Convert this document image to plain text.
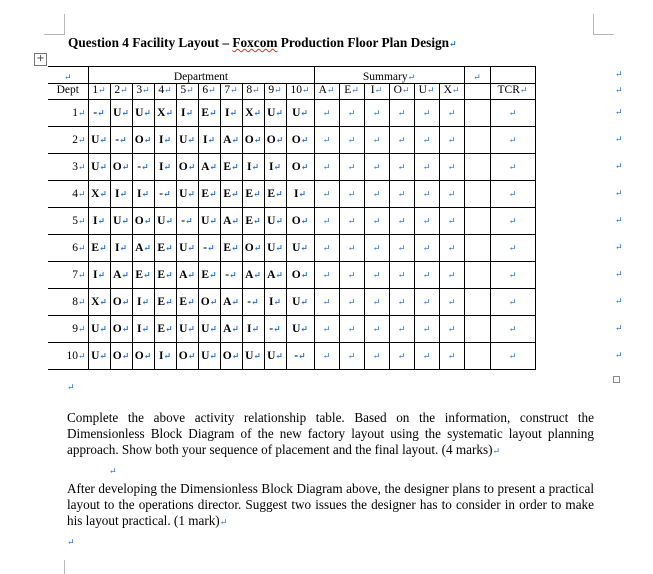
Question 4 Facility Layout – Foxcom Production Floor Plan Design↵
+
↵	Department										Summary↵						↵	
Dept	1↵	2↵	3↵	4↵	5↵	6↵	7↵	8↵	9↵	10↵	A↵	E↵	I↵	O↵	U↵	X↵		TCR↵
1↵	-↵	U↵	U↵	X↵	I↵	E↵	I↵	X↵	U↵	U↵	↵	↵	↵	↵	↵	↵		↵
2↵	U↵	-↵	O↵	I↵	U↵	I↵	A↵	O↵	O↵	O↵	↵	↵	↵	↵	↵	↵		↵
3↵	U↵	O↵	-↵	I↵	O↵	A↵	E↵	I↵	I↵	O↵	↵	↵	↵	↵	↵	↵		↵
4↵	X↵	I↵	I↵	-↵	U↵	E↵	E↵	E↵	E↵	I↵	↵	↵	↵	↵	↵	↵		↵
5↵	I↵	U↵	O↵	U↵	-↵	U↵	A↵	E↵	U↵	O↵	↵	↵	↵	↵	↵	↵		↵
6↵	E↵	I↵	A↵	E↵	U↵	-↵	E↵	O↵	U↵	U↵	↵	↵	↵	↵	↵	↵		↵
7↵	I↵	A↵	E↵	E↵	A↵	E↵	-↵	A↵	A↵	O↵	↵	↵	↵	↵	↵	↵		↵
8↵	X↵	O↵	I↵	E↵	E↵	O↵	A↵	-↵	I↵	U↵	↵	↵	↵	↵	↵	↵		↵
9↵	U↵	O↵	I↵	E↵	U↵	U↵	A↵	I↵	-↵	U↵	↵	↵	↵	↵	↵	↵		↵
10↵	U↵	O↵	O↵	I↵	O↵	U↵	O↵	U↵	U↵	-↵	↵	↵	↵	↵	↵	↵		↵
↵
↵
↵
↵
↵
↵
↵
↵
↵
↵
↵
↵
↵
Complete the above activity relationship table. Based on the information, construct the Dimensionless Block Diagram of the new factory layout using the systematic layout planning approach. Show both your sequence of placement and the final layout. (4 marks)↵
↵
After developing the Dimensionless Block Diagram above, the designer plans to present a practical layout to the operations director. Suggest two issues the designer has to consider in order to make his layout practical. (1 mark)↵
↵
